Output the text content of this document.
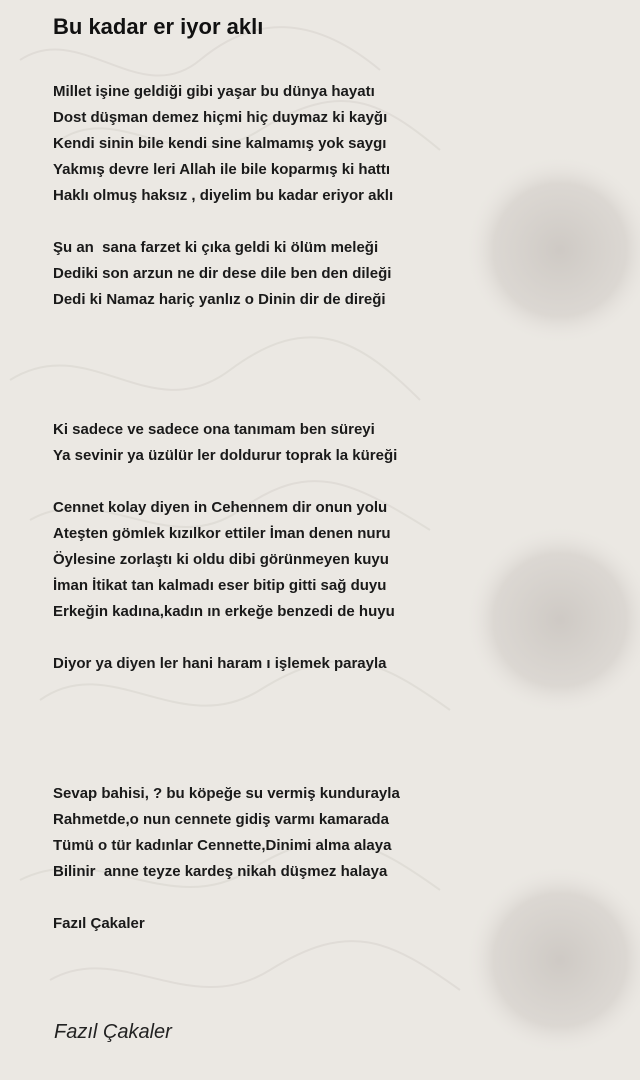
Bu kadar er iyor aklı
Millet işine geldiği gibi yaşar bu dünya hayatı
Dost düşman demez hiçmi hiç duymaz ki kayğı
Kendi sinin bile kendi sine kalmamış yok saygı
Yakmış devre leri Allah ile bile koparmış ki hattı
Haklı olmuş haksız , diyelim bu kadar eriyor aklı
Şu an  sana farzet ki çıka geldi ki ölüm meleği
Dediki son arzun ne dir dese dile ben den dileği
Dedi ki Namaz hariç yanlız o Dinin dir de direği
Ki sadece ve sadece ona tanımam ben süreyi
Ya sevinir ya üzülür ler doldurur toprak la küreği
Cennet kolay diyen in Cehennem dir onun yolu
Ateşten gömlek kızılkor ettiler İman denen nuru
Öylesine zorlaştı ki oldu dibi görünmeyen kuyu
İman İtikat tan kalmadı eser bitip gitti sağ duyu
Erkeğin kadına,kadın ın erkeğe benzedi de huyu
Diyor ya diyen ler hani haram ı işlemek parayla
Sevap bahisi, ? bu köpeğe su vermiş kundurayla
Rahmetde,o nun cennete gidiş varmı kamarada
Tümü o tür kadınlar Cennette,Dinimi alma alaya
Bilinir  anne teyze kardeş nikah düşmez halaya
Fazıl Çakaler
Fazıl Çakaler
